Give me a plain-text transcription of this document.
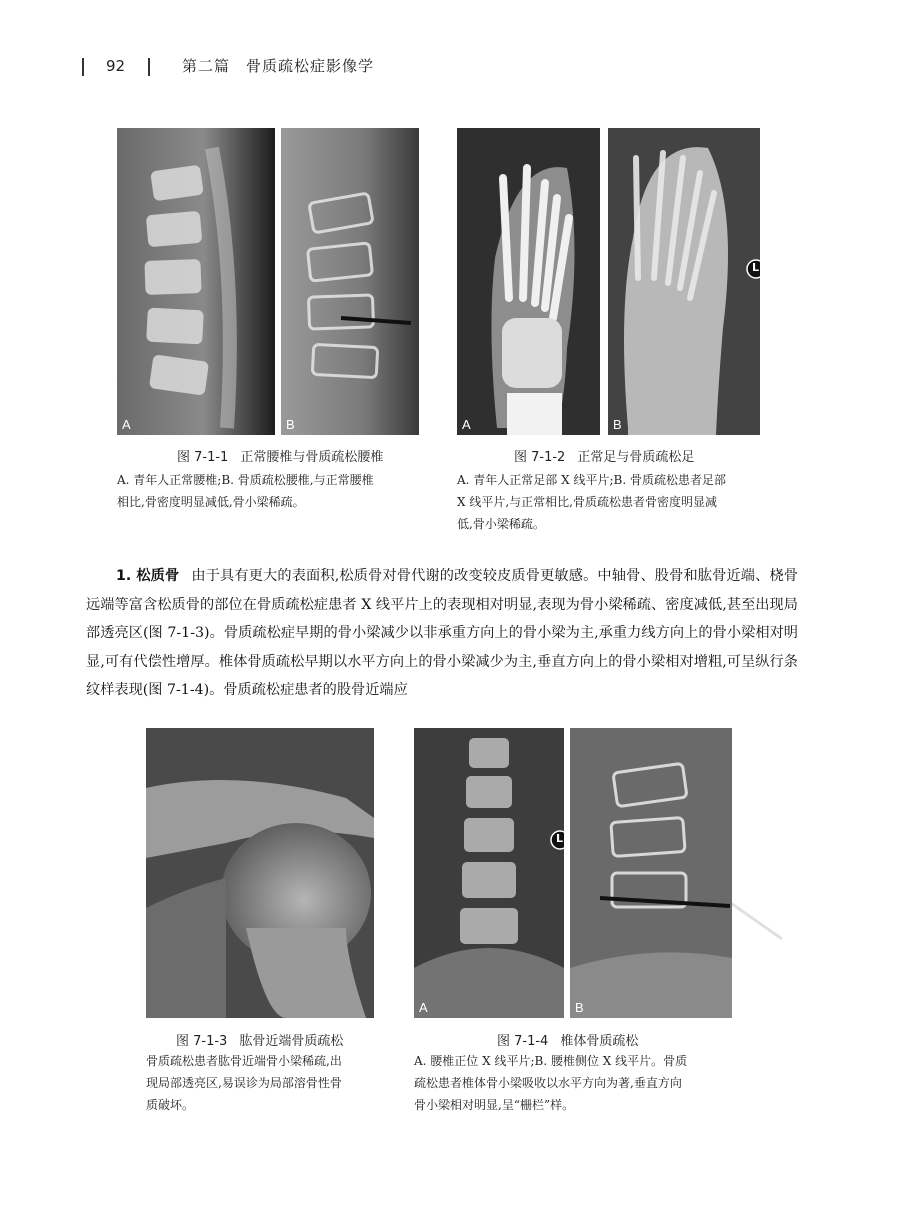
92	第二篇　骨质疏松症影像学
A	B
图 7-1-1 正常腰椎与骨质疏松腰椎
A. 青年人正常腰椎;B. 骨质疏松腰椎,与正常腰椎
相比,骨密度明显减低,骨小梁稀疏。
A
L
B
图 7-1-2 正常足与骨质疏松足
A. 青年人正常足部 X 线平片;B. 骨质疏松患者足部
X 线平片,与正常相比,骨质疏松患者骨密度明显减
低,骨小梁稀疏。
1. 松质骨 由于具有更大的表面积,松质骨对骨代谢的改变较皮质骨更敏感。中轴骨、股骨和肱骨近端、桡骨远端等富含松质骨的部位在骨质疏松症患者 X 线平片上的表现相对明显,表现为骨小梁稀疏、密度减低,甚至出现局部透亮区(图 7-1-3)。骨质疏松症早期的骨小梁减少以非承重方向上的骨小梁为主,承重力线方向上的骨小梁相对明显,可有代偿性增厚。椎体骨质疏松早期以水平方向上的骨小梁减少为主,垂直方向上的骨小梁相对增粗,可呈纵行条纹样表现(图 7-1-4)。骨质疏松症患者的股骨近端应
图 7-1-3 肱骨近端骨质疏松
骨质疏松患者肱骨近端骨小梁稀疏,出
现局部透亮区,易误诊为局部溶骨性骨
质破坏。
L
A	B
图 7-1-4 椎体骨质疏松
A. 腰椎正位 X 线平片;B. 腰椎侧位 X 线平片。骨质
疏松患者椎体骨小梁吸收以水平方向为著,垂直方向
骨小梁相对明显,呈“栅栏”样。
